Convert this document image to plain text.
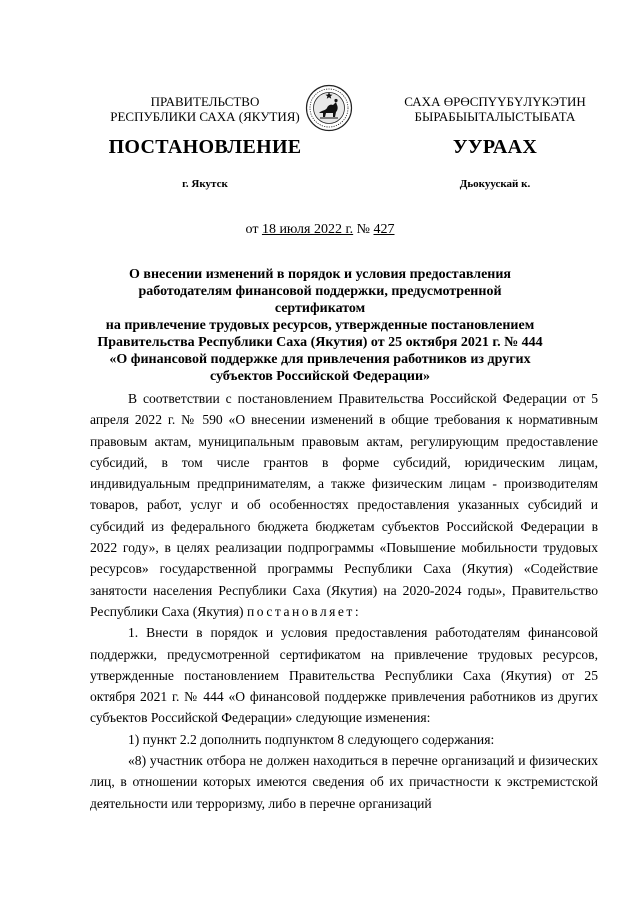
ПРАВИТЕЛЬСТВО
РЕСПУБЛИКИ САХА (ЯКУТИЯ)
САХА ӨРӨСПҮҮБҮЛҮКЭТИН
БЫРАБЫЫТАЛЫСТЫБАТА
ПОСТАНОВЛЕНИЕ	УУРААХ
г. Якутск	Дьокуускай к.
от 18 июля 2022 г. № 427
О внесении изменений в порядок и условия предоставления
работодателям финансовой поддержки, предусмотренной сертификатом
на привлечение трудовых ресурсов, утвержденные постановлением
Правительства Республики Саха (Якутия) от 25 октября 2021 г. № 444
«О финансовой поддержке для привлечения работников из других
субъектов Российской Федерации»

В соответствии с постановлением Правительства Российской Федерации от 5 апреля 2022 г. № 590 «О внесении изменений в общие требования к нормативным правовым актам, муниципальным правовым актам, регулирующим предоставление субсидий, в том числе грантов в форме субсидий, юридическим лицам, индивидуальным предпринимателям, а также физическим лицам - производителям товаров, работ, услуг и об особенностях предоставления указанных субсидий и субсидий из федерального бюджета бюджетам субъектов Российской Федерации в 2022 году», в целях реализации подпрограммы «Повышение мобильности трудовых ресурсов» государственной программы Республики Саха (Якутия) «Содействие занятости населения Республики Саха (Якутия) на 2020-2024 годы», Правительство Республики Саха (Якутия) постановляет:

1. Внести в порядок и условия предоставления работодателям финансовой поддержки, предусмотренной сертификатом на привлечение трудовых ресурсов, утвержденные постановлением Правительства Республики Саха (Якутия) от 25 октября 2021 г. № 444 «О финансовой поддержке привлечения работников из других субъектов Российской Федерации» следующие изменения:

1) пункт 2.2 дополнить подпунктом 8 следующего содержания:

«8) участник отбора не должен находиться в перечне организаций и физических лиц, в отношении которых имеются сведения об их причастности к экстремистской деятельности или терроризму, либо в перечне организаций
